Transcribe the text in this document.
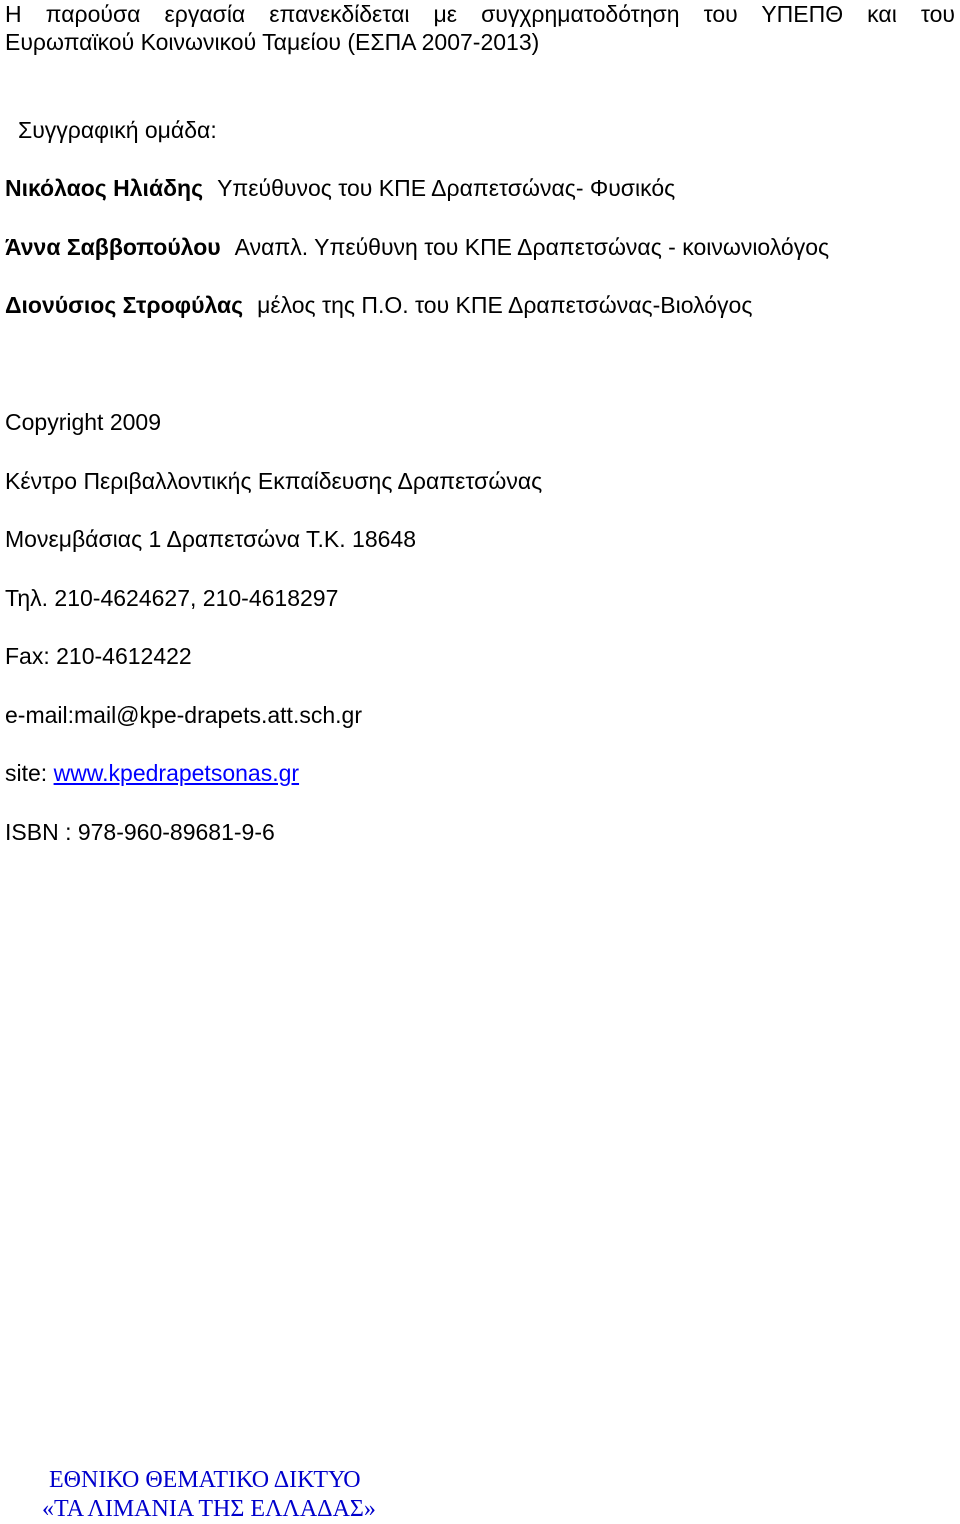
Η παρούσα εργασία επανεκδίδεται με συγχρηματοδότηση του ΥΠΕΠΘ και του
Ευρωπαϊκού Κοινωνικού Ταμείου (ΕΣΠΑ 2007-2013)
Συγγραφική ομάδα:
Νικόλαος Ηλιάδης Υπεύθυνος του ΚΠΕ Δραπετσώνας- Φυσικός
Άννα Σαββοπούλου Αναπλ. Υπεύθυνη του ΚΠΕ Δραπετσώνας - κοινωνιολόγος
Διονύσιος Στροφύλας μέλος της Π.Ο. του ΚΠΕ Δραπετσώνας-Βιολόγος
Copyright 2009
Κέντρο Περιβαλλοντικής Εκπαίδευσης Δραπετσώνας
Μονεμβάσιας 1 Δραπετσώνα Τ.Κ. 18648
Τηλ. 210-4624627, 210-4618297
Fax: 210-4612422
e-mail:mail@kpe-drapets.att.sch.gr
site: www.kpedrapetsonas.gr
ISBN : 978-960-89681-9-6
ΕΘΝΙΚΟ ΘΕΜΑΤΙΚΟ ΔΙΚΤΥΟ
«ΤΑ ΛΙΜΑΝΙΑ ΤΗΣ ΕΛΛΑΔΑΣ»
